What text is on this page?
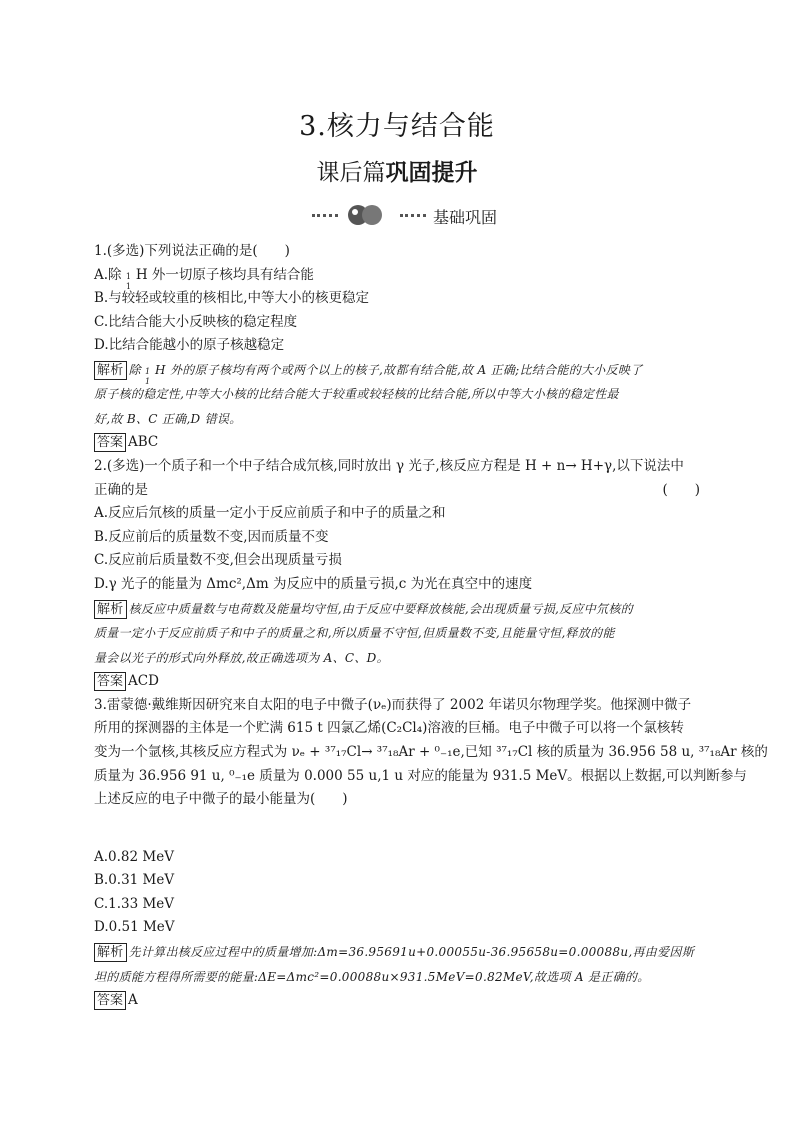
3.核力与结合能
课后篇巩固提升
基础巩固
1.(多选)下列说法正确的是(　　)
A.除 1
1
H 外一切原子核均具有结合能
B.与较轻或较重的核相比,中等大小的核更稳定
C.比结合能大小反映核的稳定程度
D.比结合能越小的原子核越稳定
解析 除 1
1
H 外的原子核均有两个或两个以上的核子,故都有结合能,故 A 正确;比结合能的大小反映了
原子核的稳定性,中等大小核的比结合能大于较重或较轻核的比结合能,所以中等大小核的稳定性最
好,故 B、C 正确,D 错误。
答案 ABC
2.(多选)一个质子和一个中子结合成氘核,同时放出 γ 光子,核反应方程是 H + n→ H+γ,以下说法中
正确的是	(　　)
A.反应后氘核的质量一定小于反应前质子和中子的质量之和
B.反应前后的质量数不变,因而质量不变
C.反应前后质量数不变,但会出现质量亏损
D.γ 光子的能量为 Δmc²,Δm 为反应中的质量亏损,c 为光在真空中的速度
解析 核反应中质量数与电荷数及能量均守恒,由于反应中要释放核能,会出现质量亏损,反应中氘核的
质量一定小于反应前质子和中子的质量之和,所以质量不守恒,但质量数不变,且能量守恒,释放的能
量会以光子的形式向外释放,故正确选项为 A、C、D。
答案 ACD
3.雷蒙德·戴维斯因研究来自太阳的电子中微子(νₑ)而获得了 2002 年诺贝尔物理学奖。他探测中微子
所用的探测器的主体是一个贮满 615 t 四氯乙烯(C₂Cl₄)溶液的巨桶。电子中微子可以将一个氯核转
变为一个氩核,其核反应方程式为 νₑ + ³⁷₁₇Cl→ ³⁷₁₈Ar + ⁰₋₁e,已知 ³⁷₁₇Cl 核的质量为 36.956 58 u, ³⁷₁₈Ar 核的
质量为 36.956 91 u, ⁰₋₁e 质量为 0.000 55 u,1 u 对应的能量为 931.5 MeV。根据以上数据,可以判断参与
上述反应的电子中微子的最小能量为(　　)
A.0.82 MeV
B.0.31 MeV
C.1.33 MeV
D.0.51 MeV
解析 先计算出核反应过程中的质量增加:Δm=36.95691u+0.00055u-36.95658u=0.00088u,再由爱因斯
坦的质能方程得所需要的能量:ΔE=Δmc²=0.00088u×931.5MeV=0.82MeV,故选项 A 是正确的。
答案 A
